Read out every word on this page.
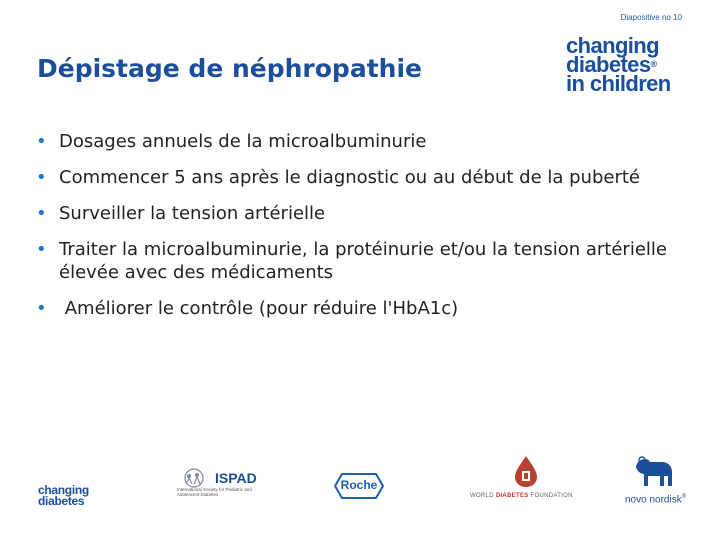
Diapositive no 10
Dépistage de néphropathie
changing
diabetes®
in children
• Dosages annuels de la microalbuminurie
• Commencer 5 ans après le diagnostic ou au début de la puberté
• Surveiller la tension artérielle
• Traiter la microalbuminurie, la protéinurie et/ou la tension artérielle élevée avec des médicaments
• Améliorer le contrôle (pour réduire l'HbA1c)
changing
diabetes
ISPAD
International Society for Pediatric and Adolescent Diabetes
Roche
WORLD DIABETES FOUNDATION	novo nordisk®
